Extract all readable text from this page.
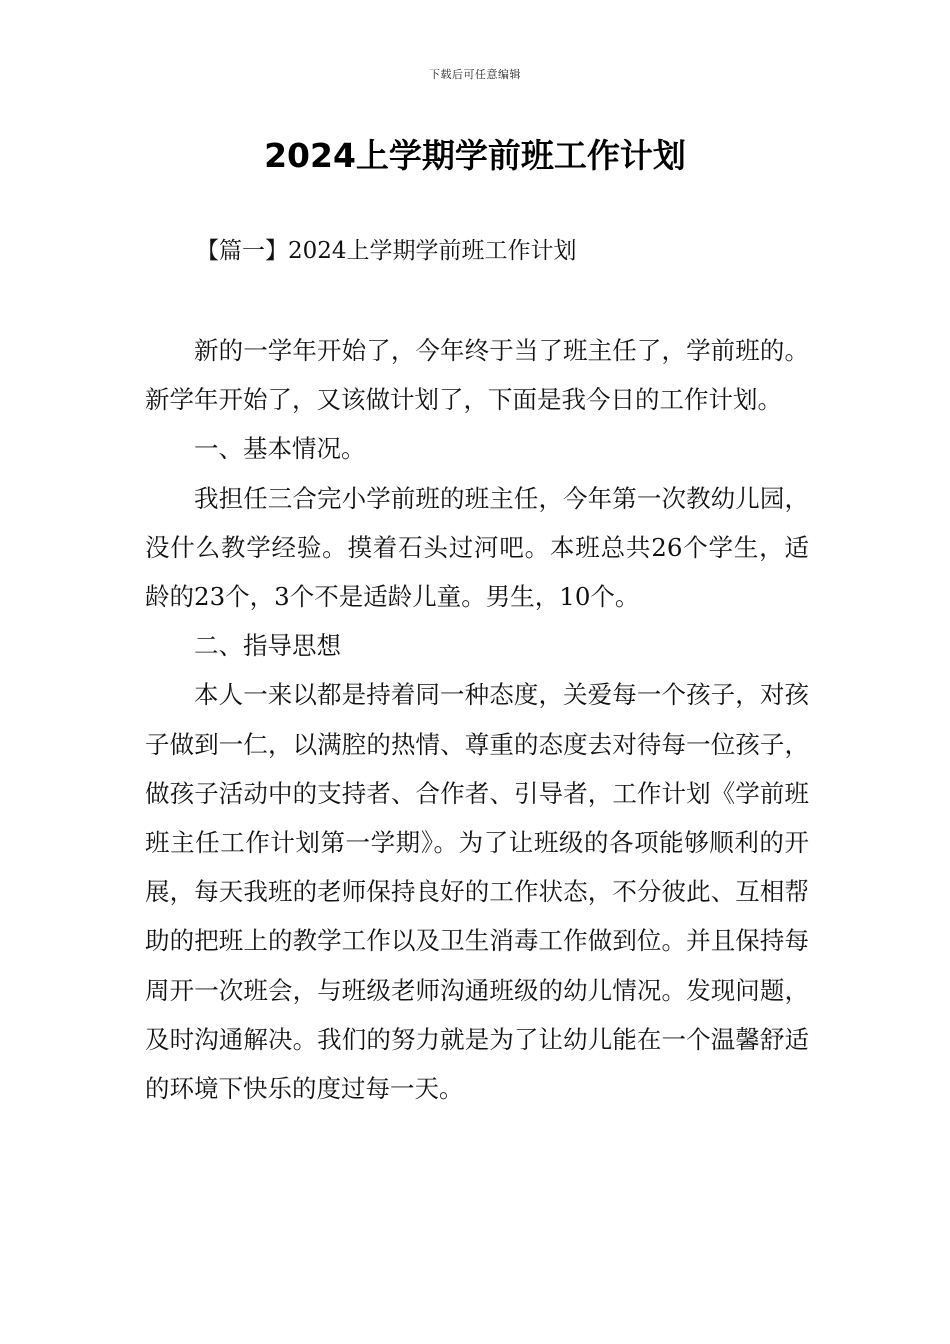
下载后可任意编辑
2024上学期学前班工作计划
【篇一】2024上学期学前班工作计划

新的一学年开始了，今年终于当了班主任了，学前班的。新学年开始了，又该做计划了，下面是我今日的工作计划。

一、基本情况。

我担任三合完小学前班的班主任，今年第一次教幼儿园，没什么教学经验。摸着石头过河吧。本班总共26个学生，适龄的23个，3个不是适龄儿童。男生，10个。

二、指导思想

本人一来以都是持着同一种态度，关爱每一个孩子，对孩子做到一仁，以满腔的热情、尊重的态度去对待每一位孩子，做孩子活动中的支持者、合作者、引导者，工作计划《学前班班主任工作计划第一学期》。为了让班级的各项能够顺利的开展，每天我班的老师保持良好的工作状态，不分彼此、互相帮助的把班上的教学工作以及卫生消毒工作做到位。并且保持每周开一次班会，与班级老师沟通班级的幼儿情况。发现问题，及时沟通解决。我们的努力就是为了让幼儿能在一个温馨舒适的环境下快乐的度过每一天。
